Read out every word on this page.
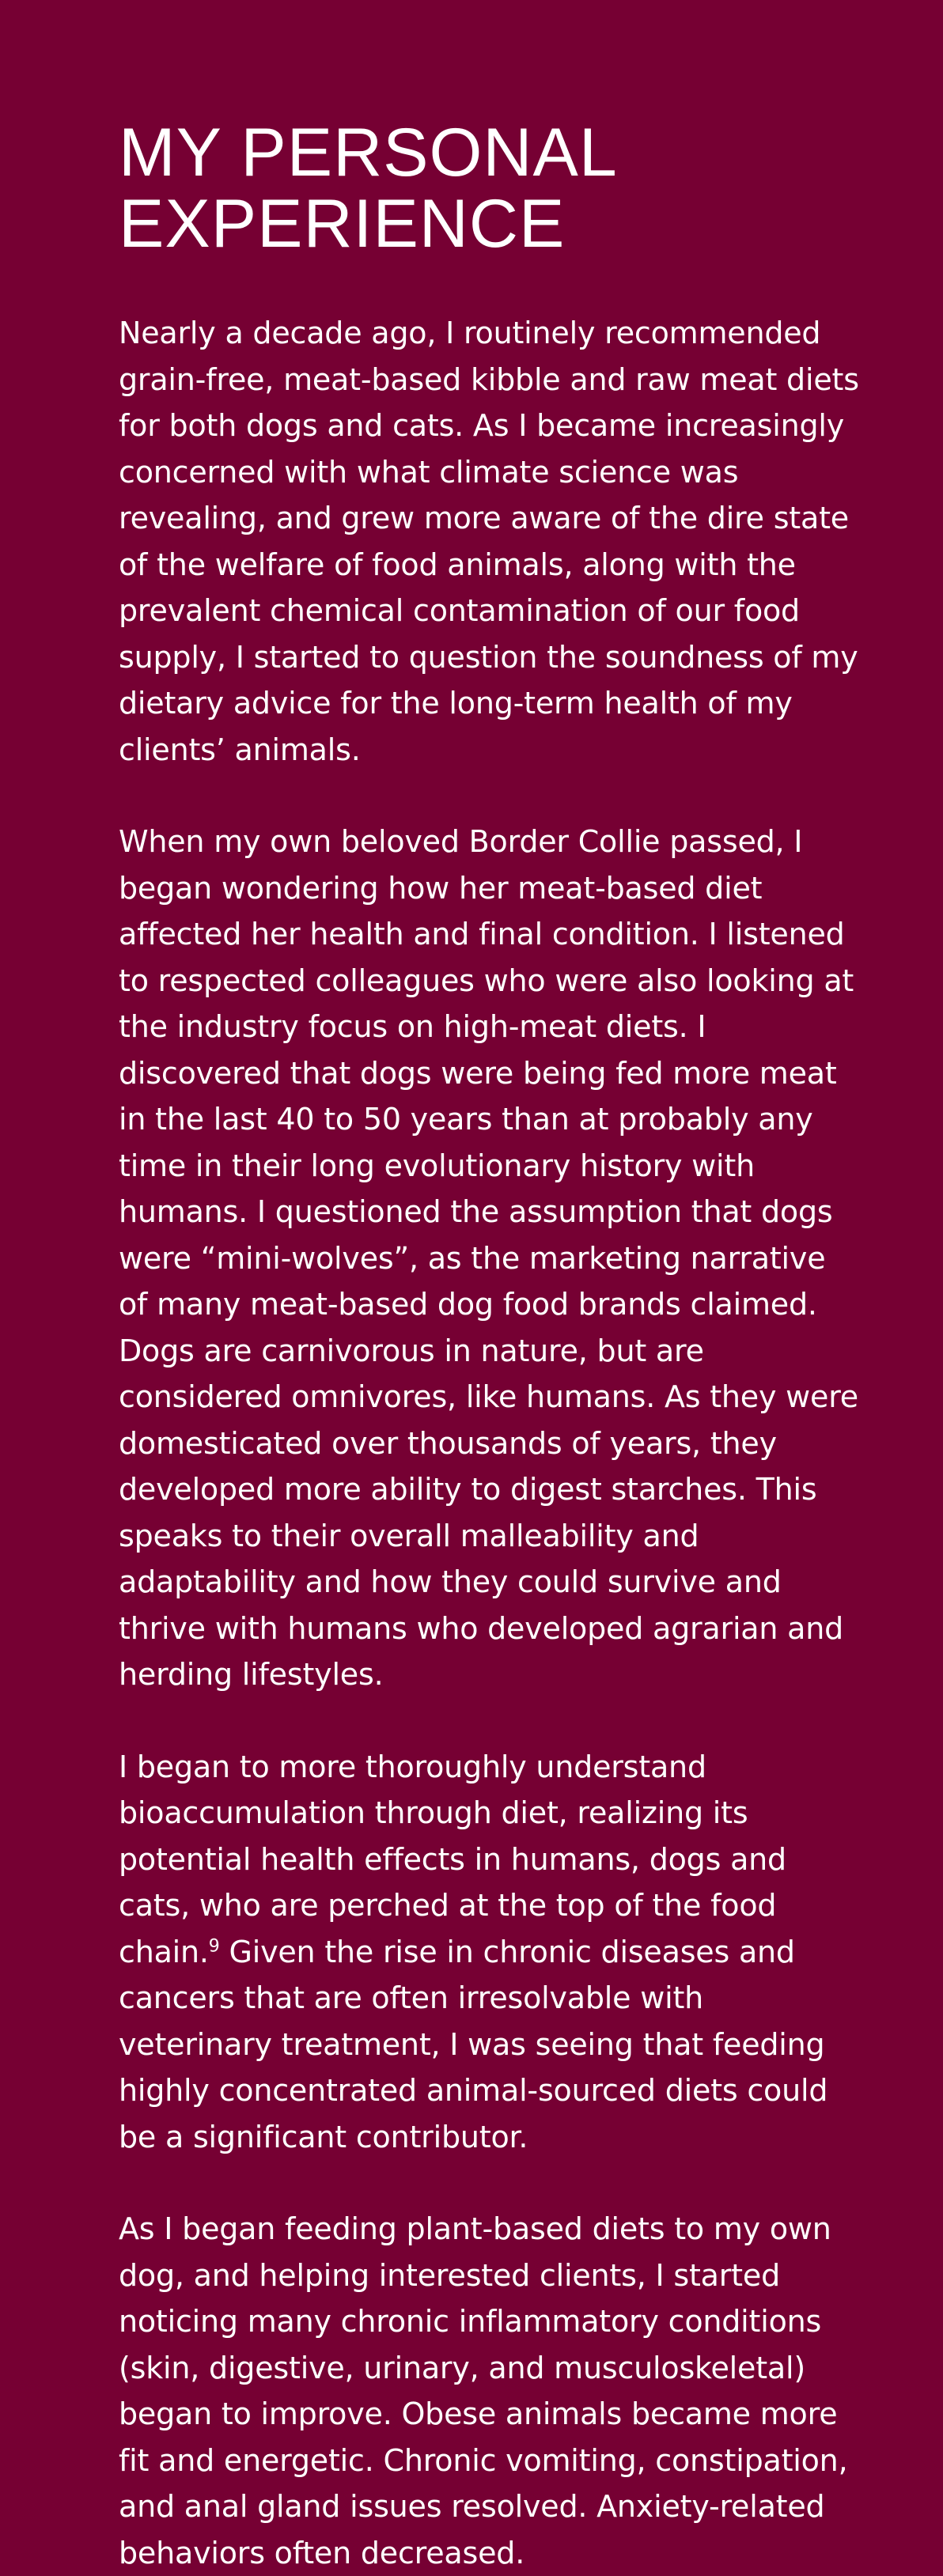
MY PERSONAL EXPERIENCE

Nearly a decade ago, I routinely recommended grain-free, meat-based kibble and raw meat diets for both dogs and cats. As I became increasingly concerned with what climate science was revealing, and grew more aware of the dire state of the welfare of food animals, along with the prevalent chemical contamination of our food supply, I started to question the soundness of my dietary advice for the long-term health of my clients’ animals.

When my own beloved Border Collie passed, I began wondering how her meat-based diet affected her health and final condition. I listened to respected colleagues who were also looking at the industry focus on high-meat diets. I discovered that dogs were being fed more meat in the last 40 to 50 years than at probably any time in their long evolutionary history with humans. I questioned the assumption that dogs were “mini-wolves”, as the marketing narrative of many meat-based dog food brands claimed. Dogs are carnivorous in nature, but are considered omnivores, like humans. As they were domesticated over thousands of years, they developed more ability to digest starches. This speaks to their overall malleability and adaptability and how they could survive and thrive with humans who developed agrarian and herding lifestyles.

I began to more thoroughly understand bioaccumulation through diet, realizing its potential health effects in humans, dogs and cats, who are perched at the top of the food chain.$^9$ Given the rise in chronic diseases and cancers that are often irresolvable with veterinary treatment, I was seeing that feeding highly concentrated animal-sourced diets could be a significant contributor.

As I began feeding plant-based diets to my own dog, and helping interested clients, I started noticing many chronic inflammatory conditions (skin, digestive, urinary, and musculoskeletal) began to improve. Obese animals became more fit and energetic. Chronic vomiting, constipation, and anal gland issues resolved. Anxiety-related behaviors often decreased.
